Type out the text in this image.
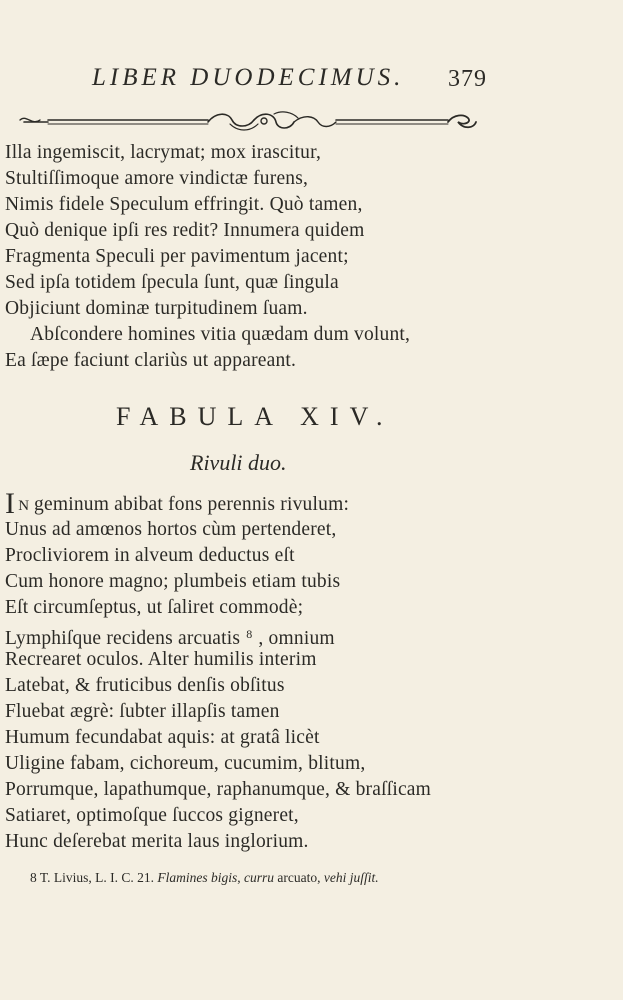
LIBER DUODECIMUS. 379
Illa ingemiscit, lacrymat; mox irascitur,
Stultiſſimoque amore vindictæ furens,
Nimis fidele Speculum effringit. Quò tamen,
Quò denique ipſi res redit? Innumera quidem
Fragmenta Speculi per pavimentum jacent;
Sed ipſa totidem ſpecula ſunt, quæ ſingula
Objiciunt dominæ turpitudinem ſuam.
Abſcondere homines vitia quædam dum volunt,
Ea ſæpe faciunt clariùs ut appareant.
FABULA XIV.
Rivuli duo.
I N geminum abibat fons perennis rivulum:
Unus ad amœnos hortos cùm pertenderet,
Procliviorem in alveum deductus eſt
Cum honore magno; plumbeis etiam tubis
Eſt circumſeptus, ut ſaliret commodè;
Lymphiſque recidens arcuatis $^8$ , omnium
Recrearet oculos. Alter humilis interim
Latebat, & fruticibus denſis obſitus
Fluebat ægrè: ſubter illapſis tamen
Humum fecundabat aquis: at gratâ licèt
Uligine fabam, cichoreum, cucumim, blitum,
Porrumque, lapathumque, raphanumque, & braſſicam
Satiaret, optimoſque ſuccos gigneret,
Hunc deſerebat merita laus inglorium.
8 T. Livius, L. I. C. 21. Flamines bigis, curru arcuato, vehi juſſit.
